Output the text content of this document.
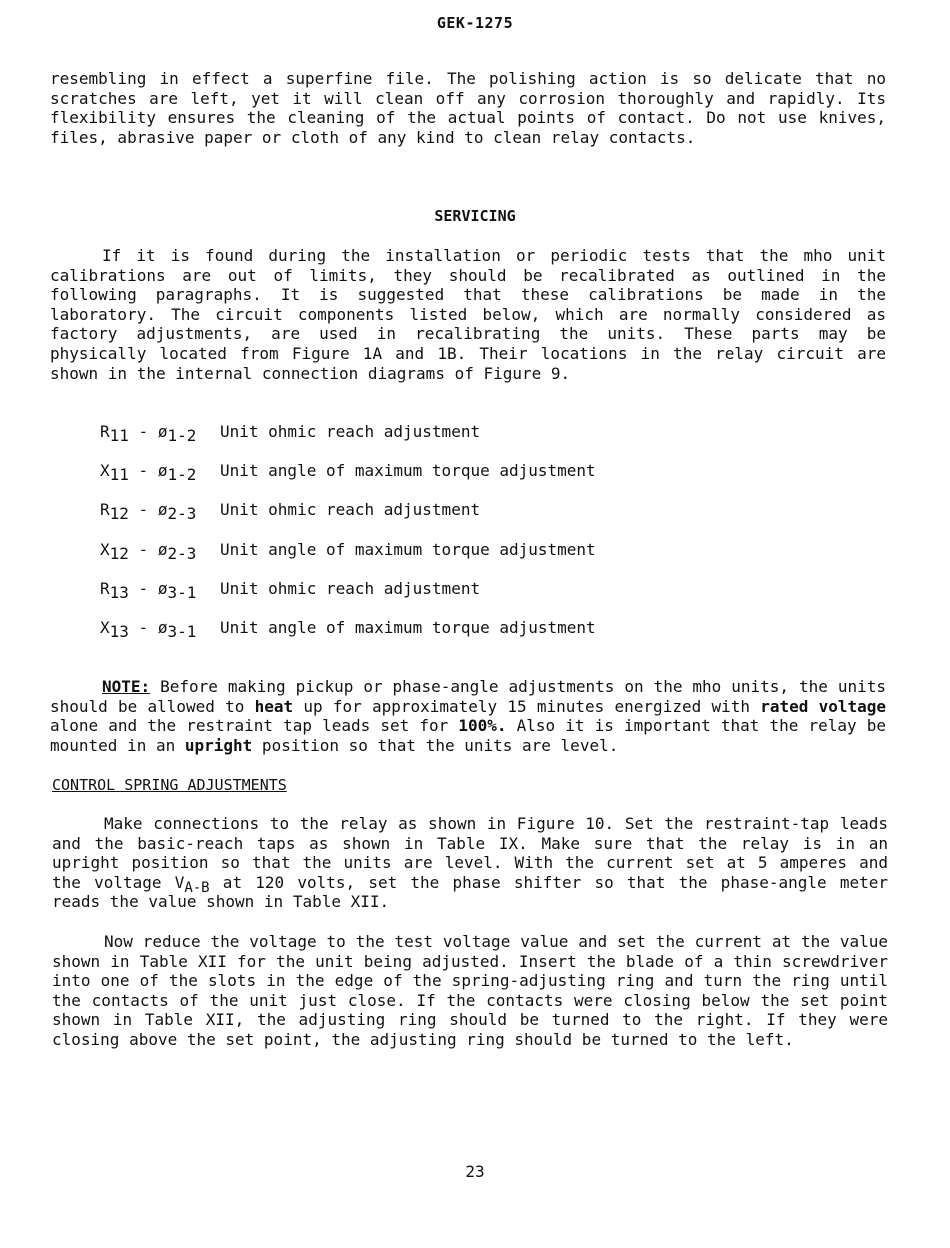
GEK-1275

resembling in effect a superfine file. The polishing action is so delicate that no scratches are left, yet it will clean off any corrosion thoroughly and rapidly. Its flexibility ensures the cleaning of the actual points of contact. Do not use knives, files, abrasive paper or cloth of any kind to clean relay contacts.

SERVICING

If it is found during the installation or periodic tests that the mho unit calibrations are out of limits, they should be recalibrated as outlined in the following paragraphs. It is suggested that these calibrations be made in the laboratory. The circuit components listed below, which are normally considered as factory adjustments, are used in recalibrating the units. These parts may be physically located from Figure 1A and 1B. Their locations in the relay circuit are shown in the internal connection diagrams of Figure 9.

$R_{11}$ - $ø_{1-2}$	Unit ohmic reach adjustment
$X_{11}$ - $ø_{1-2}$	Unit angle of maximum torque adjustment
$R_{12}$ - $ø_{2-3}$	Unit ohmic reach adjustment
$X_{12}$ - $ø_{2-3}$	Unit angle of maximum torque adjustment
$R_{13}$ - $ø_{3-1}$	Unit ohmic reach adjustment
$X_{13}$ - $ø_{3-1}$	Unit angle of maximum torque adjustment

NOTE: Before making pickup or phase-angle adjustments on the mho units, the units should be allowed to heat up for approximately 15 minutes energized with rated voltage alone and the restraint tap leads set for 100%. Also it is important that the relay be mounted in an upright position so that the units are level.

CONTROL SPRING ADJUSTMENTS

Make connections to the relay as shown in Figure 10. Set the restraint-tap leads and the basic-reach taps as shown in Table IX. Make sure that the relay is in an upright position so that the units are level. With the current set at 5 amperes and the voltage $V_{A-B}$ at 120 volts, set the phase shifter so that the phase-angle meter reads the value shown in Table XII.

Now reduce the voltage to the test voltage value and set the current at the value shown in Table XII for the unit being adjusted. Insert the blade of a thin screwdriver into one of the slots in the edge of the spring-adjusting ring and turn the ring until the contacts of the unit just close. If the contacts were closing below the set point shown in Table XII, the adjusting ring should be turned to the right. If they were closing above the set point, the adjusting ring should be turned to the left.

23
